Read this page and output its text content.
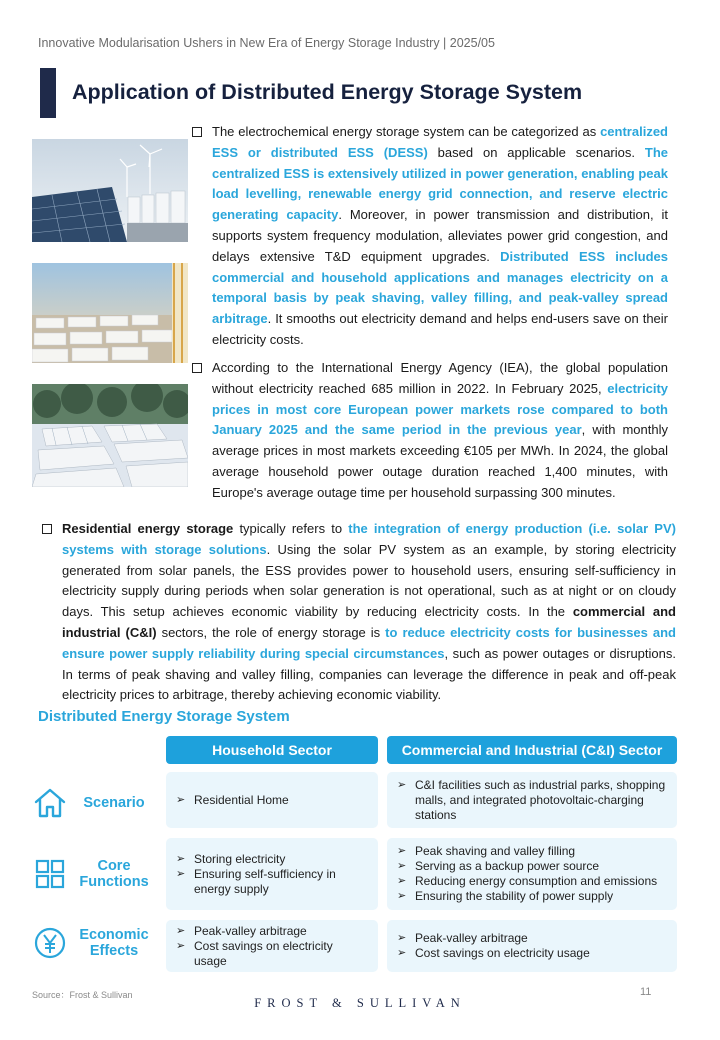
Innovative Modularisation Ushers in New Era of Energy Storage Industry | 2025/05
Application of Distributed Energy Storage System
The electrochemical energy storage system can be categorized as centralized ESS or distributed ESS (DESS) based on applicable scenarios. The centralized ESS is extensively utilized in power generation, enabling peak load levelling, renewable energy grid connection, and reserve electric generating capacity. Moreover, in power transmission and distribution, it supports system frequency modulation, alleviates power grid congestion, and delays extensive T&D equipment upgrades. Distributed ESS includes commercial and household applications and manages electricity on a temporal basis by peak shaving, valley filling, and peak-valley spread arbitrage. It smooths out electricity demand and helps end-users save on their electricity costs.
According to the International Energy Agency (IEA), the global population without electricity reached 685 million in 2022. In February 2025, electricity prices in most core European power markets rose compared to both January 2025 and the same period in the previous year, with monthly average prices in most markets exceeding €105 per MWh. In 2024, the global average household power outage duration reached 1,400 minutes, with Europe's average outage time per household surpassing 300 minutes.
Residential energy storage typically refers to the integration of energy production (i.e. solar PV) systems with storage solutions. Using the solar PV system as an example, by storing electricity generated from solar panels, the ESS provides power to household users, ensuring self-sufficiency in electricity supply during periods when solar generation is not operational, such as at night or on cloudy days. This setup achieves economic viability by reducing electricity costs. In the commercial and industrial (C&I) sectors, the role of energy storage is to reduce electricity costs for businesses and ensure power supply reliability during special circumstances, such as power outages or disruptions. In terms of peak shaving and valley filling, companies can leverage the difference in peak and off-peak electricity prices to arbitrage, thereby achieving economic viability.
Distributed Energy Storage System
Household Sector	Commercial and Industrial (C&I) Sector
Scenario
➢	Residential Home
➢ C&I facilities such as industrial parks, shopping malls, and integrated photovoltaic-charging stations
Core Functions
➢ Storing electricity
➢ Ensuring self-sufficiency in energy supply
➢ Peak shaving and valley filling
➢ Serving as a backup power source
➢ Reducing energy consumption and emissions
➢ Ensuring the stability of power supply
Economic Effects
➢ Peak-valley arbitrage
➢ Cost savings on electricity usage
➢ Peak-valley arbitrage
➢ Cost savings on electricity usage
Source：Frost & Sullivan
FROST & SULLIVAN
11
